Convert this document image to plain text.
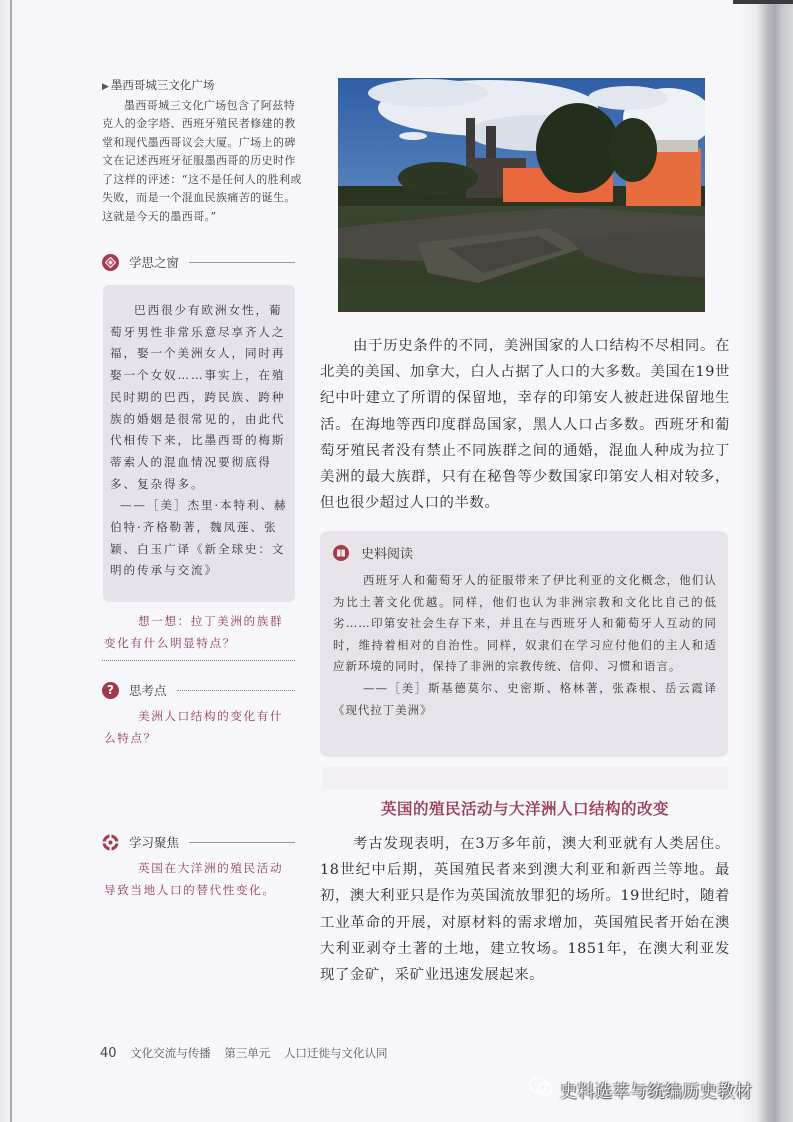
▶ 墨西哥城三文化广场
墨西哥城三文化广场包含了阿兹特克人的金字塔、西班牙殖民者修建的教堂和现代墨西哥议会大厦。广场上的碑文在记述西班牙征服墨西哥的历史时作了这样的评述：“这不是任何人的胜利或失败，而是一个混血民族痛苦的诞生。这就是今天的墨西哥。”
学思之窗
巴西很少有欧洲女性，葡萄牙男性非常乐意尽享齐人之福，娶一个美洲女人，同时再娶一个女奴……事实上，在殖民时期的巴西，跨民族、跨种族的婚姻是很常见的，由此代代相传下来，比墨西哥的梅斯蒂索人的混血情况要彻底得多、复杂得多。
——［美］杰里·本特利、赫伯特·齐格勒著，魏凤莲、张颖、白玉广译《新全球史：文明的传承与交流》
想一想：拉丁美洲的族群变化有什么明显特点？
? 思考点
美洲人口结构的变化有什么特点？
学习聚焦
英国在大洋洲的殖民活动导致当地人口的替代性变化。

由于历史条件的不同，美洲国家的人口结构不尽相同。在北美的美国、加拿大，白人占据了人口的大多数。美国在19世纪中叶建立了所谓的保留地，幸存的印第安人被赶进保留地生活。在海地等西印度群岛国家，黑人人口占多数。西班牙和葡萄牙殖民者没有禁止不同族群之间的通婚，混血人种成为拉丁美洲的最大族群，只有在秘鲁等少数国家印第安人相对较多，但也很少超过人口的半数。

史料阅读

西班牙人和葡萄牙人的征服带来了伊比利亚的文化概念，他们认为比土著文化优越。同样，他们也认为非洲宗教和文化比自己的低劣……印第安社会生存下来，并且在与西班牙人和葡萄牙人互动的同时，维持着相对的自治性。同样，奴隶们在学习应付他们的主人和适应新环境的同时，保持了非洲的宗教传统、信仰、习惯和语言。

——［美］斯基德莫尔、史密斯、格林著，张森根、岳云霞译《现代拉丁美洲》

英国的殖民活动与大洋洲人口结构的改变

考古发现表明，在3万多年前，澳大利亚就有人类居住。18世纪中后期，英国殖民者来到澳大利亚和新西兰等地。最初，澳大利亚只是作为英国流放罪犯的场所。19世纪时，随着工业革命的开展，对原材料的需求增加，英国殖民者开始在澳大利亚剥夺土著的土地，建立牧场。1851年，在澳大利亚发现了金矿，采矿业迅速发展起来。

40 文化交流与传播 第三单元 人口迁徙与文化认同
史料选萃与统编历史教材
